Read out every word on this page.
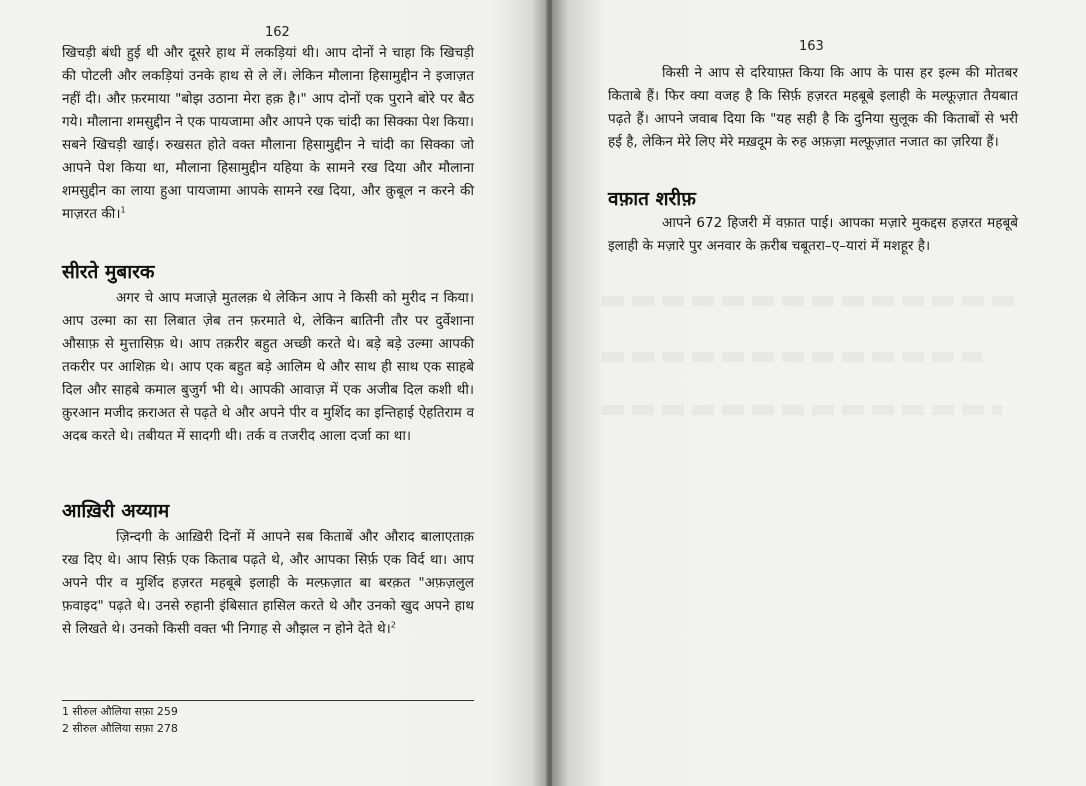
162

खिचड़ी बंधी हुई थी और दूसरे हाथ में लकड़ियां थी। आप दोनों ने चाहा कि खिचड़ी की पोटली और लकड़ियां उनके हाथ से ले लें। लेकिन मौलाना हिसामुद्दीन ने इजाज़त नहीं दी। और फ़रमाया "बोझ उठाना मेरा हक़ है।" आप दोनों एक पुराने बोरे पर बैठ गये। मौलाना शमसुद्दीन ने एक पायजामा और आपने एक चांदी का सिक्का पेश किया। सबने खिचड़ी खाई। रुखसत होते वक्त मौलाना हिसामुद्दीन ने चांदी का सिक्का जो आपने पेश किया था, मौलाना हिसामुद्दीन यहिया के सामने रख दिया और मौलाना शमसुद्दीन का लाया हुआ पायजामा आपके सामने रख दिया, और क़ुबूल न करने की माज़रत की।$^1$

सीरते मुबारक

अगर चे आप मजाज़े मुतलक़ थे लेकिन आप ने किसी को मुरीद न किया। आप उल्मा का सा लिबात ज़ेब तन फ़रमाते थे, लेकिन बातिनी तौर पर दुर्वेशाना औसाफ़ से मुत्तासिफ़ थे। आप तक़रीर बहुत अच्छी करते थे। बड़े बड़े उल्मा आपकी तकरीर पर आशिक़ थे। आप एक बहुत बड़े आलिम थे और साथ ही साथ एक साहबे दिल और साहबे कमाल बुजुर्ग भी थे। आपकी आवाज़ में एक अजीब दिल कशी थी। क़ुरआन मजीद क़राअत से पढ़ते थे और अपने पीर व मुर्शिद का इन्तिहाई ऐहतिराम व अदब करते थे। तबीयत में सादगी थी। तर्क व तजरीद आला दर्जा का था।

आख़िरी अय्याम

ज़िन्दगी के आख़िरी दिनों में आपने सब किताबें और औराद बालाएताक़ रख दिए थे। आप सिर्फ़ एक किताब पढ़ते थे, और आपका सिर्फ़ एक विर्द था। आप अपने पीर व मुर्शिद हज़रत महबूबे इलाही के मल्फ़ज़ात बा बरक़त "अफ़ज़लुल फ़वाइद" पढ़ते थे। उनसे रुहानी इंबिसात हासिल करते थे और उनको खुद अपने हाथ से लिखते थे। उनको किसी वक्त भी निगाह से औझल न होने देते थे।$^2$

1 सीरुल औलिया सफ़ा 259
2 सीरुल औलिया सफ़ा 278
163

किसी ने आप से दरियाफ़्त किया कि आप के पास हर इल्म की मोतबर किताबे हैं। फिर क्या वजह है कि सिर्फ़ हज़रत महबूबे इलाही के मल्फ़ूज़ात तैयबात पढ़ते हैं। आपने जवाब दिया कि "यह सही है कि दुनिया सुलूक की किताबों से भरी हई है, लेकिन मेरे लिए मेरे मख़दूम के रुह अफ़ज़ा मल्फ़ूज़ात नजात का ज़रिया हैं।

वफ़ात शरीफ़

आपने 672 हिजरी में वफ़ात पाई। आपका मज़ारे मुकद्दस हज़रत महबूबे इलाही के मज़ारे पुर अनवार के क़रीब चबूतरा–ए–यारां में मशहूर है।
